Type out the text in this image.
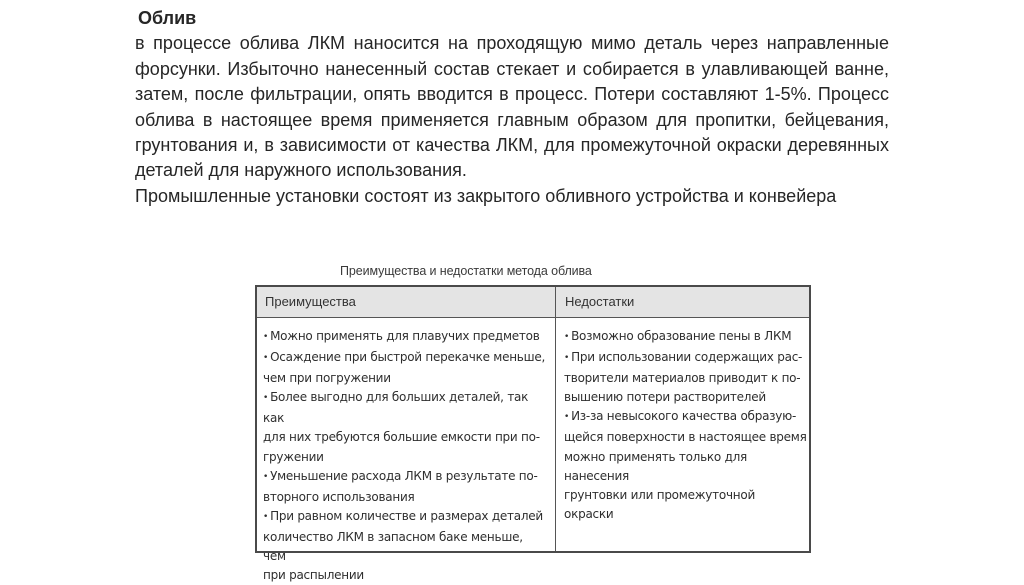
Облив

в процессе облива ЛКМ наносится на проходящую мимо деталь через направленные форсунки. Избыточно нанесенный состав стекает и собирается в улавливающей ванне, затем, после фильтрации, опять вводится в процесс. Потери составляют 1-5%. Процесс облива в настоящее время применяется главным образом для пропитки, бейцевания, грунтования и, в зависимости от качества ЛКМ, для промежуточной окраски деревянных деталей для наружного использования.

Промышленные установки состоят из закрытого обливного устройства и конвейера

Преимущества и недостатки метода облива
Преимущества	Недостатки

• Можно применять для плавучих предметов

• Осаждение при быстрой перекачке меньше,
чем при погружении

• Более выгодно для больших деталей, так как
для них требуются большие емкости при по-
гружении

• Уменьшение расхода ЛКМ в результате по-
вторного использования

• При равном количестве и размерах деталей
количество ЛКМ в запасном баке меньше, чем
при распылении

• Возможно образование пены в ЛКМ

• При использовании содержащих рас-
творители материалов приводит к по-
вышению потери растворителей

• Из-за невысокого качества образую-
щейся поверхности в настоящее время
можно применять только для нанесения
грунтовки или промежуточной окраски
